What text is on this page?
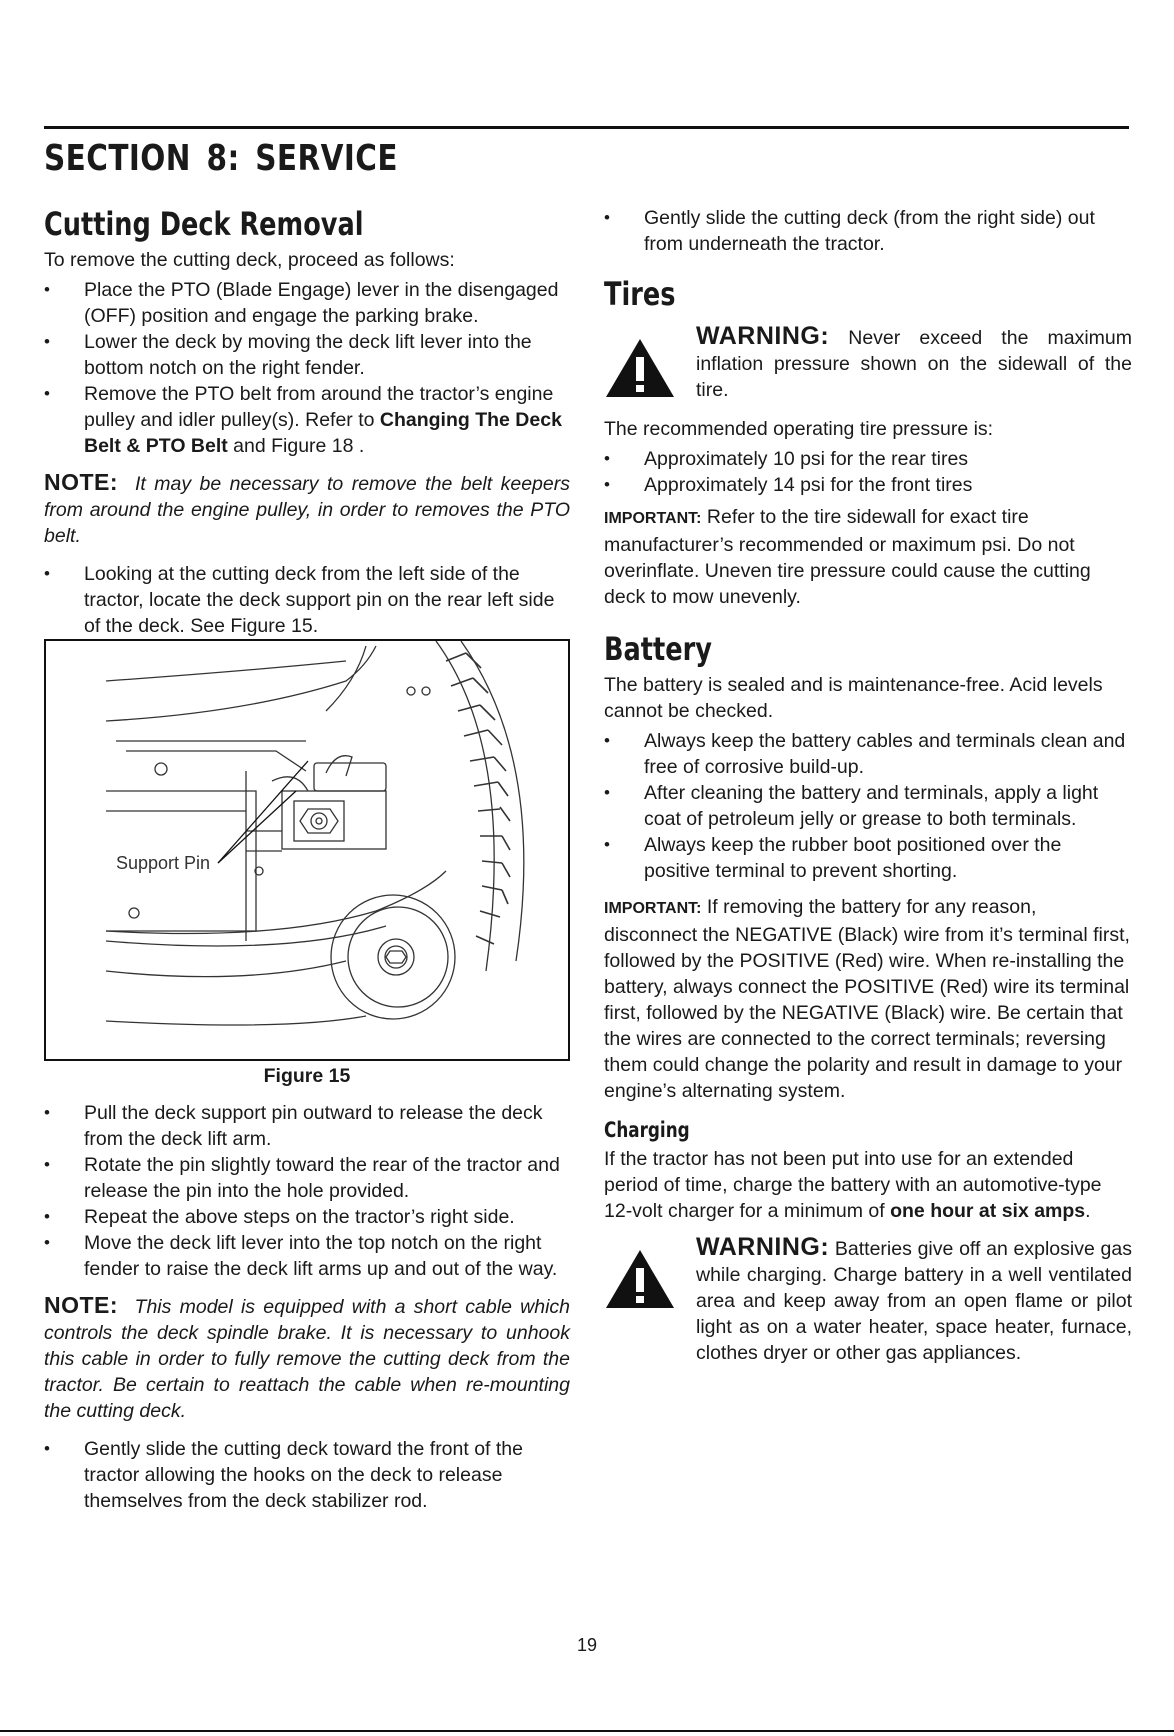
SECTION 8: SERVICE
Cutting Deck Removal

To remove the cutting deck, proceed as follows:

•	Place the PTO (Blade Engage) lever in the disengaged (OFF) position and engage the parking brake.
•	Lower the deck by moving the deck lift lever into the bottom notch on the right fender.
•	Remove the PTO belt from around the tractor’s engine pulley and idler pulley(s). Refer to Changing The Deck Belt & PTO Belt and Figure 18 .
NOTE: It may be necessary to remove the belt keepers from around the engine pulley, in order to removes the PTO belt.
•	Looking at the cutting deck from the left side of the tractor, locate the deck support pin on the rear left side of the deck. See Figure 15.
Support Pin
Figure 15
•	Pull the deck support pin outward to release the deck from the deck lift arm.
•	Rotate the pin slightly toward the rear of the tractor and release the pin into the hole provided.
•	Repeat the above steps on the tractor’s right side.
•	Move the deck lift lever into the top notch on the right fender to raise the deck lift arms up and out of the way.
NOTE: This model is equipped with a short cable which controls the deck spindle brake. It is necessary to unhook this cable in order to fully remove the cutting deck from the tractor. Be certain to reattach the cable when re-mounting the cutting deck.
•	Gently slide the cutting deck toward the front of the tractor allowing the hooks on the deck to release themselves from the deck stabilizer rod.
•	Gently slide the cutting deck (from the right side) out from underneath the tractor.
Tires
WARNING: Never exceed the maximum inflation pressure shown on the sidewall of the tire.

The recommended operating tire pressure is:

•	Approximately 10 psi for the rear tires
•	Approximately 14 psi for the front tires
IMPORTANT: Refer to the tire sidewall for exact tire manufacturer’s recommended or maximum psi. Do not overinflate. Uneven tire pressure could cause the cutting deck to mow unevenly.
Battery

The battery is sealed and is maintenance-free. Acid levels cannot be checked.

•	Always keep the battery cables and terminals clean and free of corrosive build-up.
•	After cleaning the battery and terminals, apply a light coat of petroleum jelly or grease to both terminals.
•	Always keep the rubber boot positioned over the positive terminal to prevent shorting.
IMPORTANT: If removing the battery for any reason, disconnect the NEGATIVE (Black) wire from it’s terminal first, followed by the POSITIVE (Red) wire. When re-installing the battery, always connect the POSITIVE (Red) wire its terminal first, followed by the NEGATIVE (Black) wire. Be certain that the wires are connected to the correct terminals; reversing them could change the polarity and result in damage to your engine’s alternating system.
Charging

If the tractor has not been put into use for an extended period of time, charge the battery with an automotive-type 12-volt charger for a minimum of one hour at six amps.

WARNING: Batteries give off an explosive gas while charging. Charge battery in a well ventilated area and keep away from an open flame or pilot light as on a water heater, space heater, furnace, clothes dryer or other gas appliances.
19
